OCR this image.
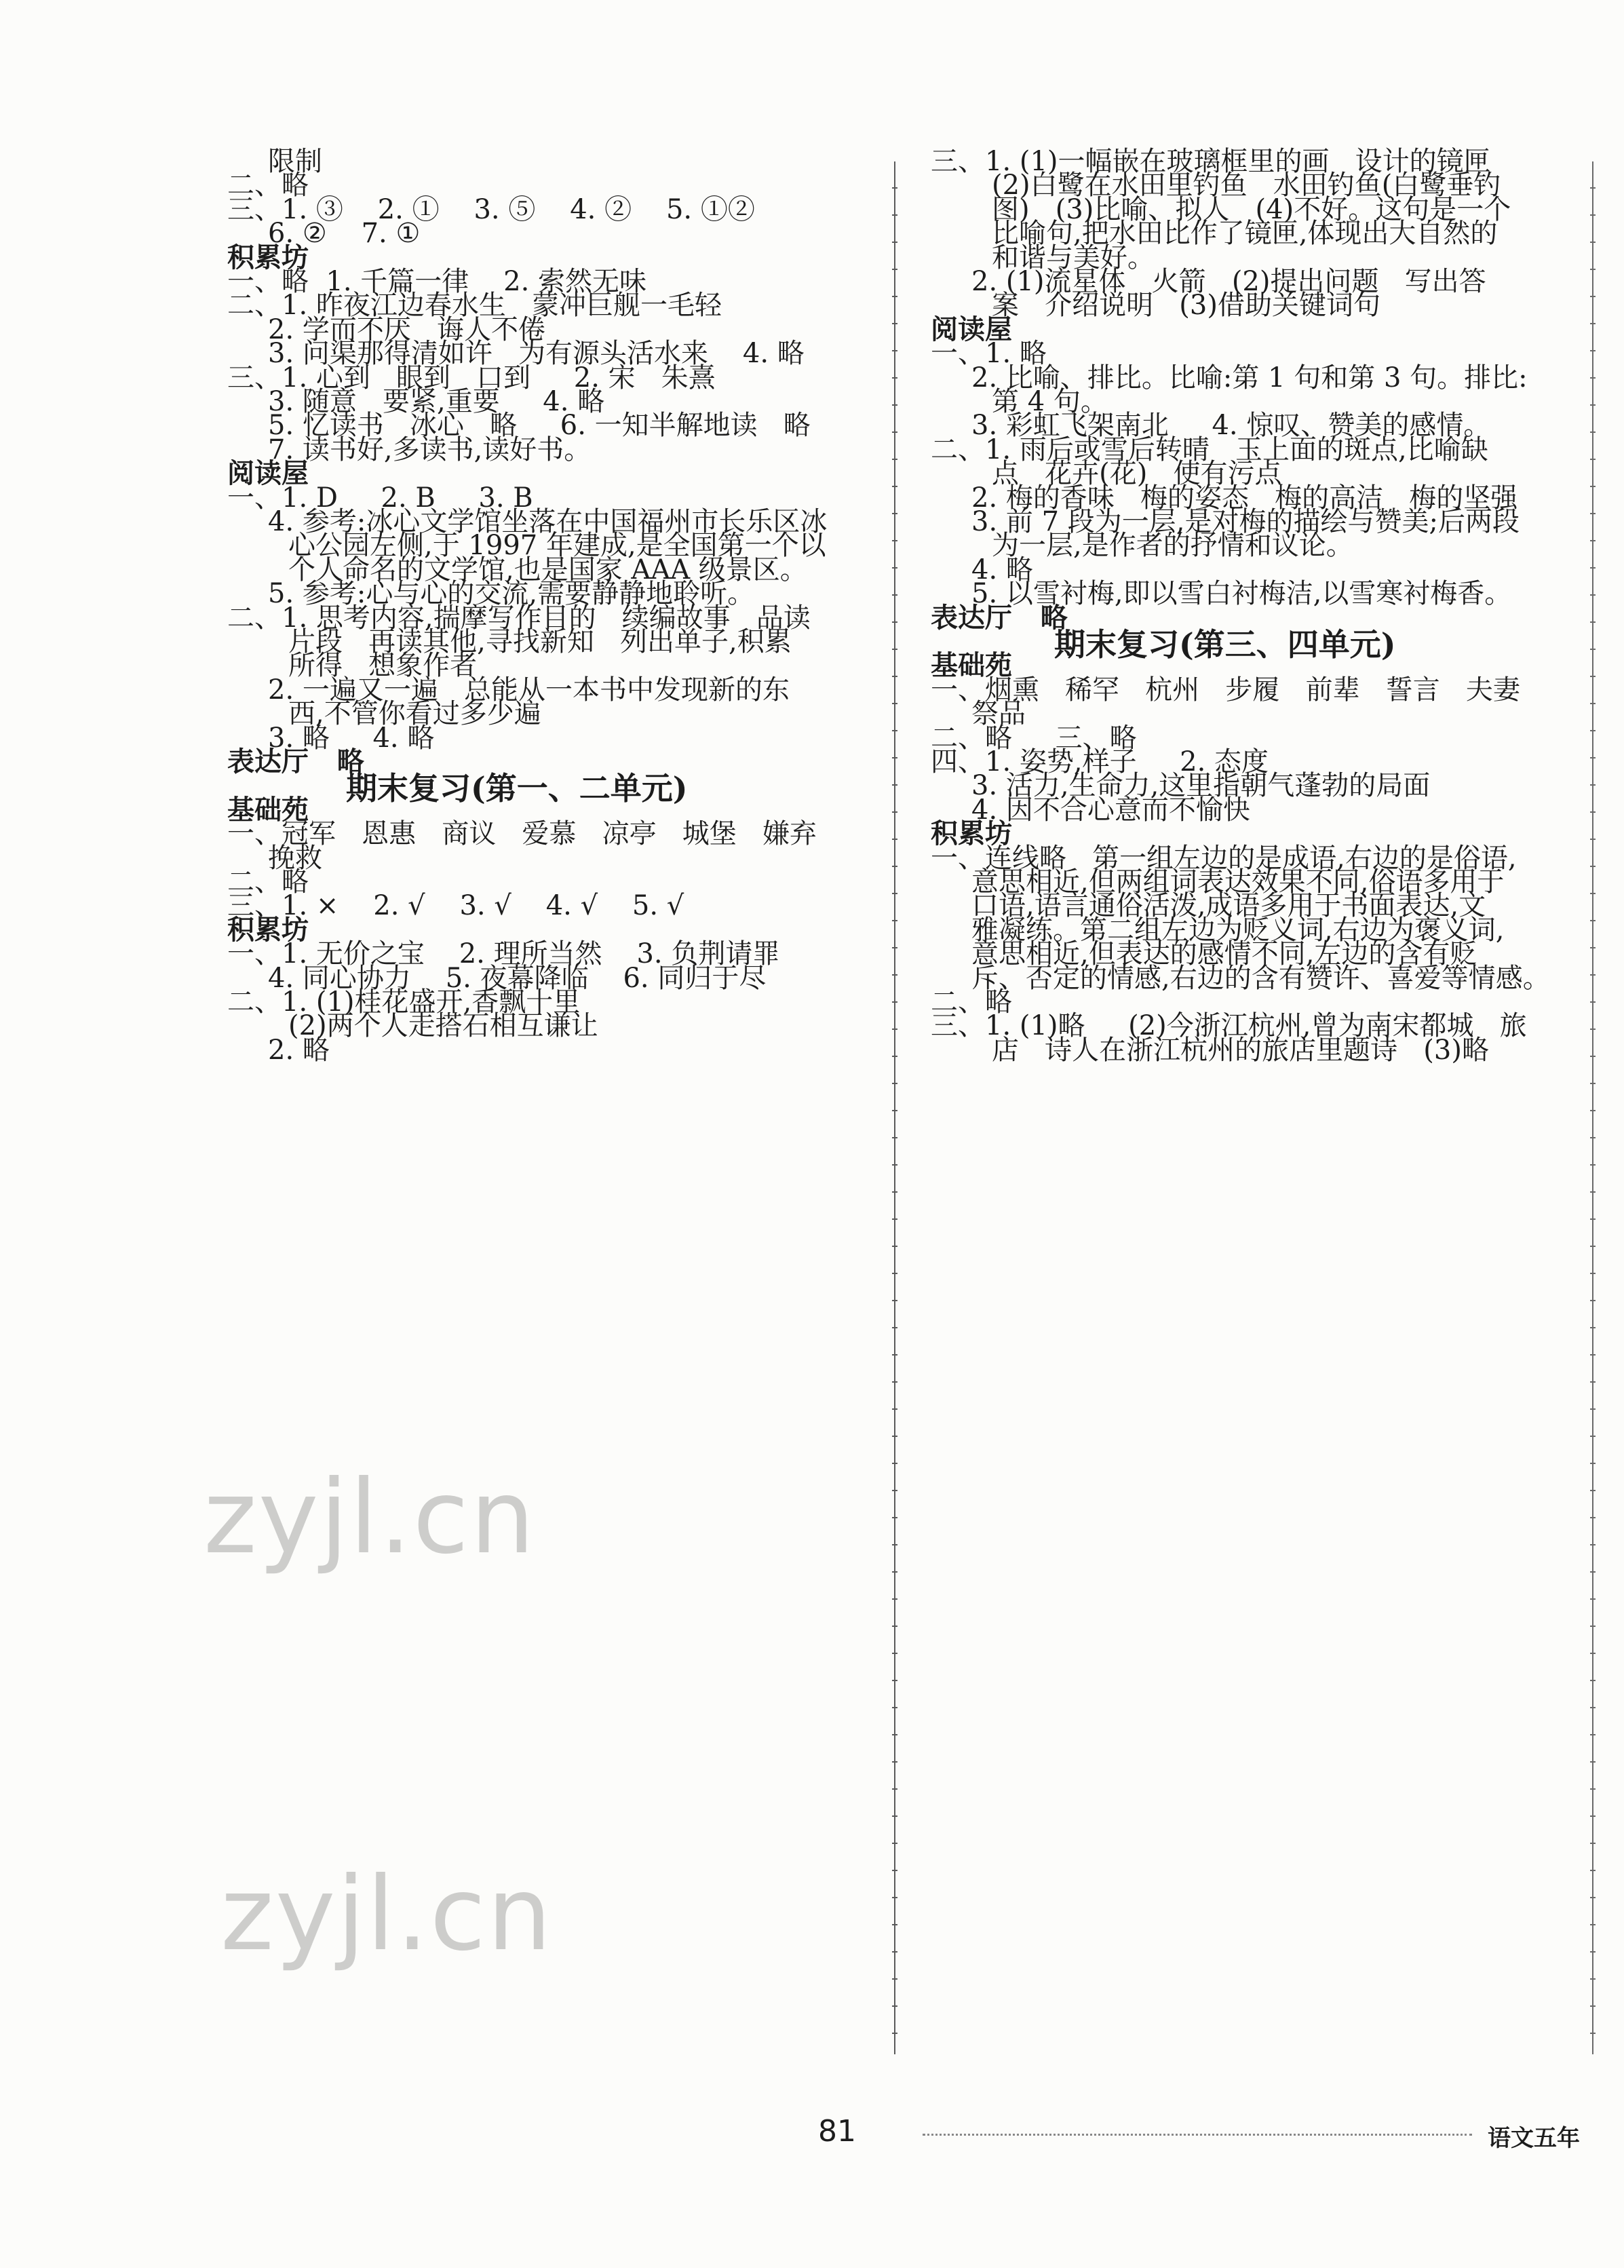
限制
二、略
三、1. ③    2. ①    3. ⑤    4. ②    5. ①②
6. ②    7. ①
积累坊
一、略  1. 千篇一律    2. 索然无味
二、1. 昨夜江边春水生   蒙冲巨舰一毛轻
2. 学而不厌   诲人不倦
3. 问渠那得清如许   为有源头活水来    4. 略
三、1. 心到   眼到   口到     2. 宋   朱熹
3. 随意   要紧,重要     4. 略
5. 忆读书   冰心   略     6. 一知半解地读   略
7. 读书好,多读书,读好书。
阅读屋
一、1. D     2. B     3. B
4. 参考:冰心文学馆坐落在中国福州市长乐区冰
心公园左侧,于 1997 年建成,是全国第一个以
个人命名的文学馆,也是国家 AAA 级景区。
5. 参考:心与心的交流,需要静静地聆听。
二、1. 思考内容,揣摩写作目的   续编故事   品读
片段   再读其他,寻找新知   列出单子,积累
所得   想象作者
2. 一遍又一遍   总能从一本书中发现新的东
西,不管你看过多少遍
3. 略     4. 略
表达厅   略
期末复习(第一、二单元)
基础苑
一、冠军   恩惠   商议   爱慕   凉亭   城堡   嫌弃
挽救
二、略
三、1. ×    2. √    3. √    4. √    5. √
积累坊
一、1. 无价之宝    2. 理所当然    3. 负荆请罪
4. 同心协力    5. 夜幕降临    6. 同归于尽
二、1. (1)桂花盛开,香飘十里
(2)两个人走搭石相互谦让
2. 略
三、1. (1)一幅嵌在玻璃框里的画   设计的镜匣
(2)白鹭在水田里钓鱼   水田钓鱼(白鹭垂钓
图)   (3)比喻、拟人   (4)不好。这句是一个
比喻句,把水田比作了镜匣,体现出大自然的
和谐与美好。
2. (1)流星体   火箭   (2)提出问题   写出答
案   介绍说明   (3)借助关键词句
阅读屋
一、1. 略
2. 比喻、排比。比喻:第 1 句和第 3 句。排比:
第 4 句。
3. 彩虹飞架南北     4. 惊叹、赞美的感情。
二、1. 雨后或雪后转晴   玉上面的斑点,比喻缺
点   花卉(花)   使有污点
2. 梅的香味   梅的姿态   梅的高洁   梅的坚强
3. 前 7 段为一层,是对梅的描绘与赞美;后两段
为一层,是作者的抒情和议论。
4. 略
5. 以雪衬梅,即以雪白衬梅洁,以雪寒衬梅香。
表达厅   略
期末复习(第三、四单元)
基础苑
一、烟熏   稀罕   杭州   步履   前辈   誓言   夫妻
祭品
二、略     三、略
四、1. 姿势,样子     2. 态度
3. 活力,生命力,这里指朝气蓬勃的局面
4. 因不合心意而不愉快
积累坊
一、连线略   第一组左边的是成语,右边的是俗语,
意思相近,但两组词表达效果不同,俗语多用于
口语,语言通俗活泼,成语多用于书面表达,文
雅凝练。第二组左边为贬义词,右边为褒义词,
意思相近,但表达的感情不同,左边的含有贬
斥、否定的情感,右边的含有赞许、喜爱等情感。
二、略
三、1. (1)略     (2)今浙江杭州,曾为南宋都城   旅
店   诗人在浙江杭州的旅店里题诗   (3)略
zyjl.cn
zyjl.cn
81	语文五年
